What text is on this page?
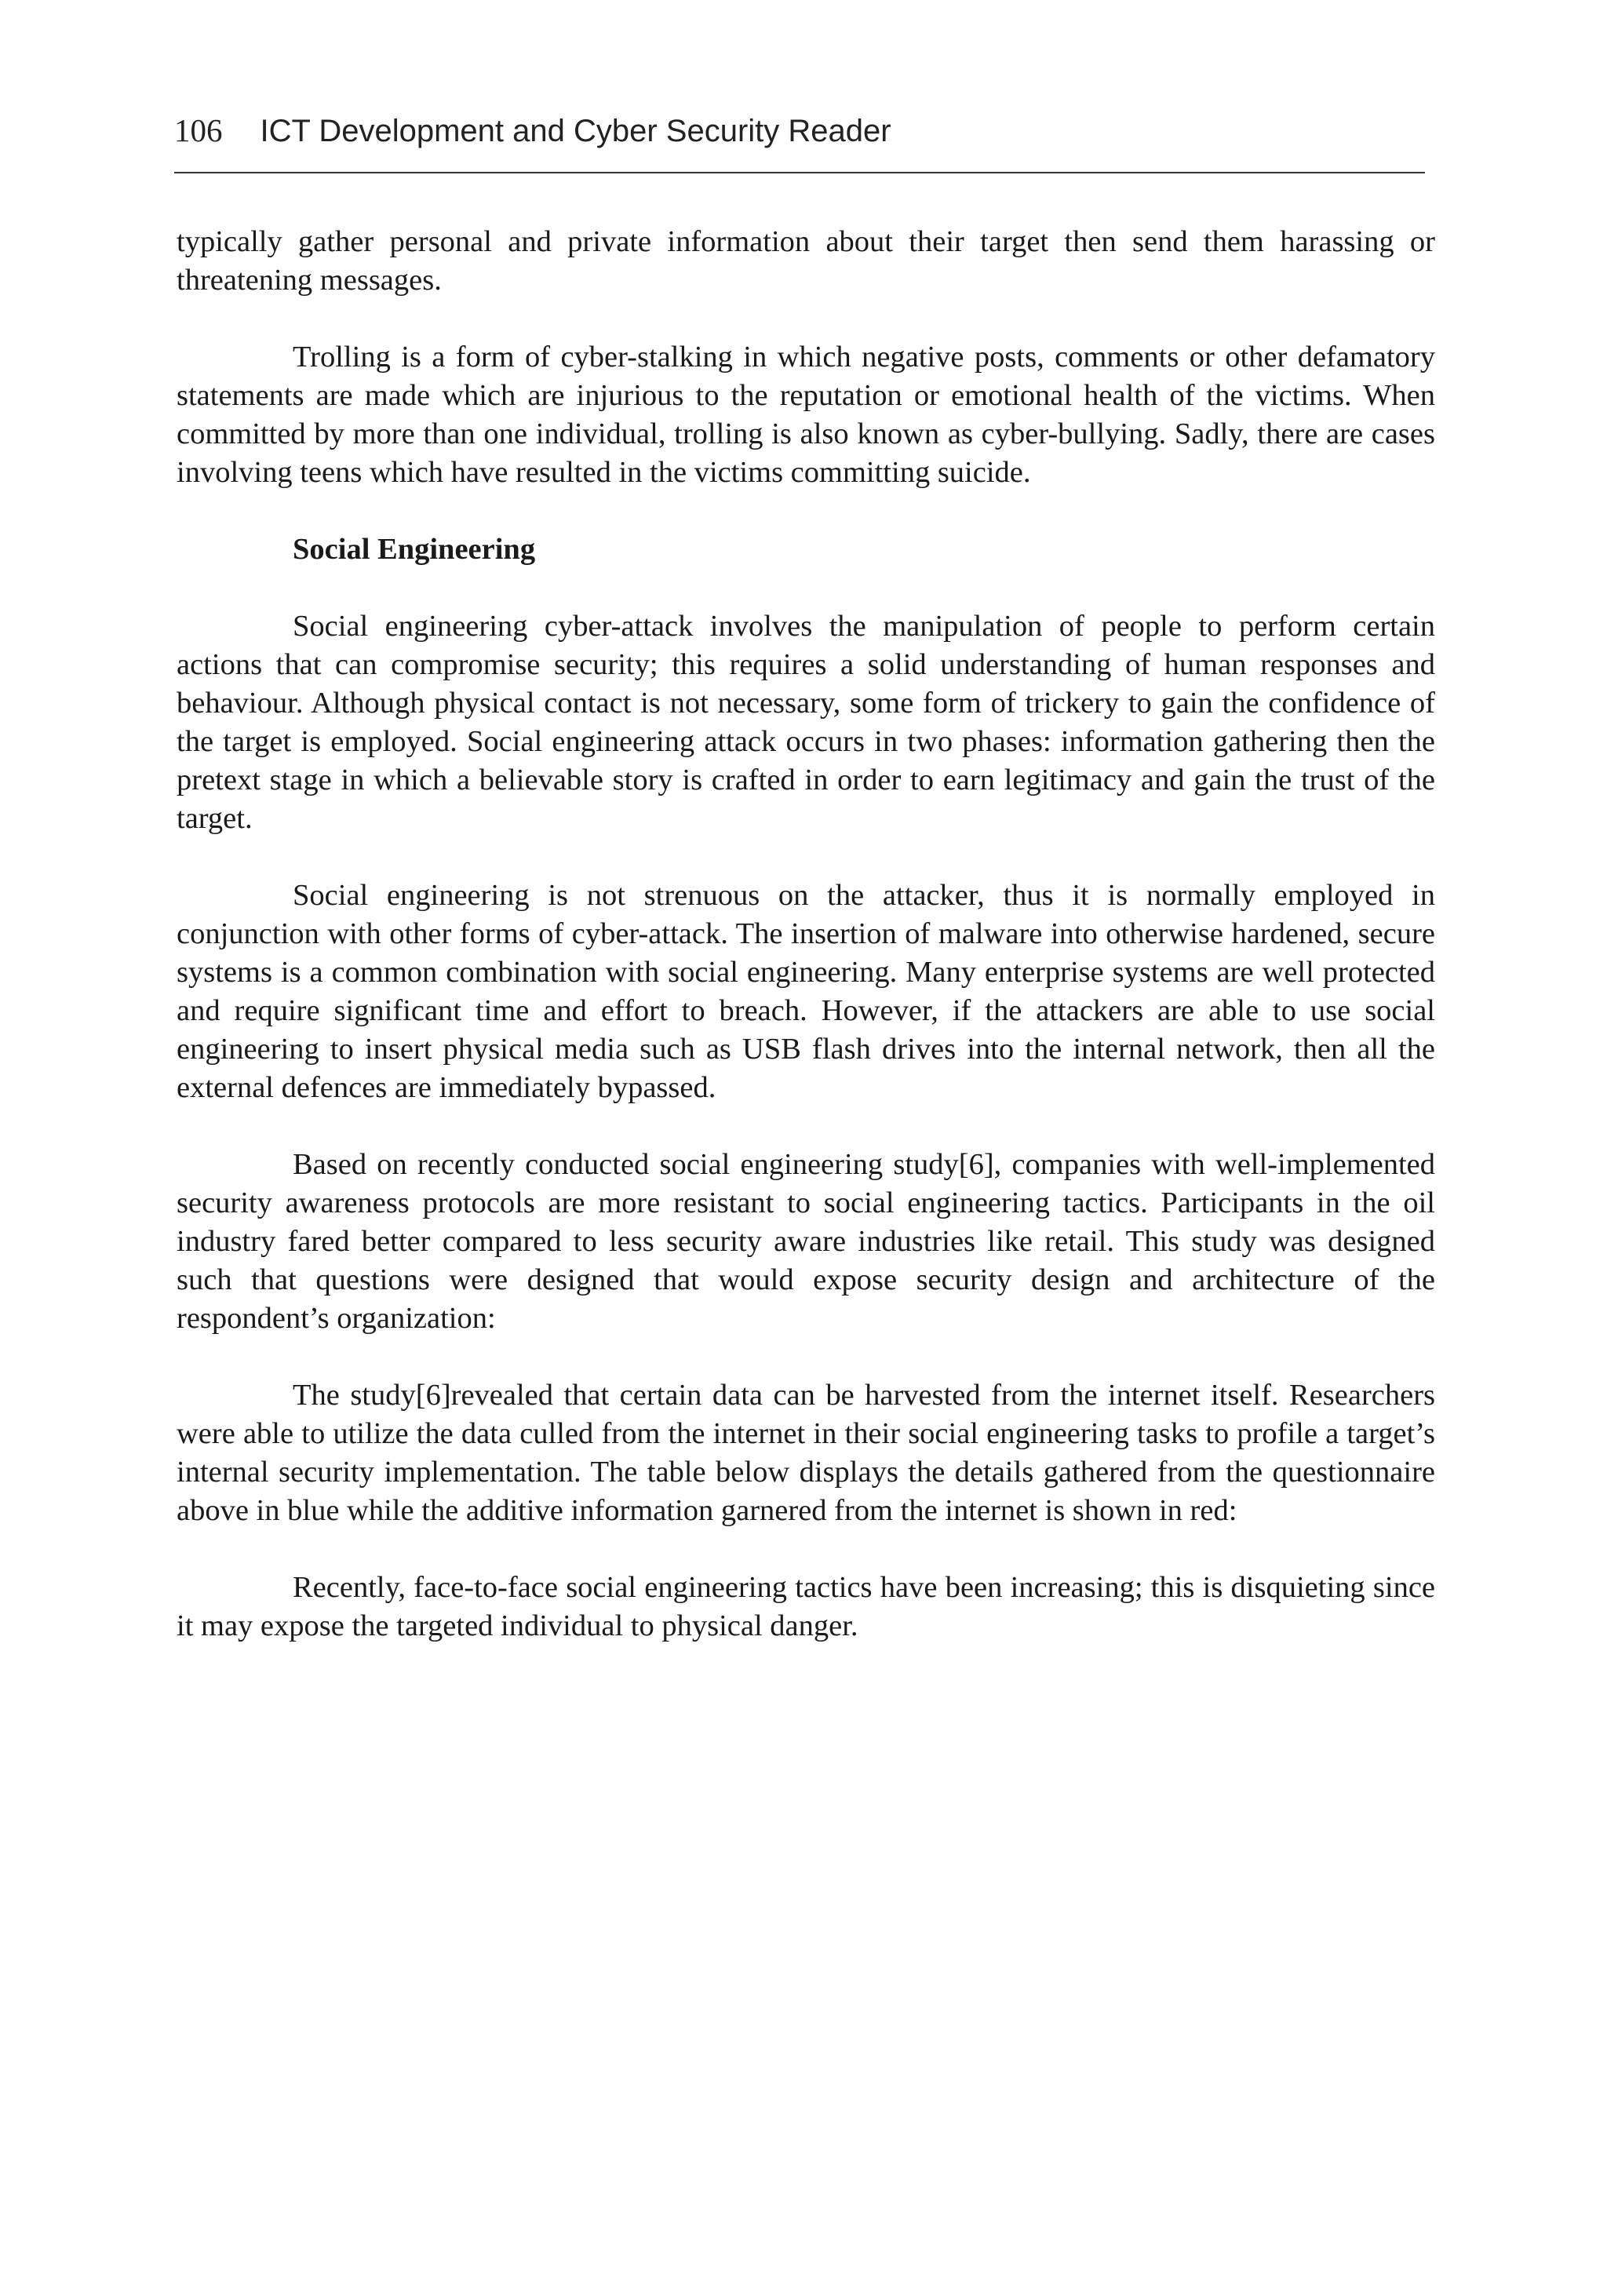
106 ICT Development and Cyber Security Reader

typically gather personal and private information about their target then send them harassing or threatening messages.

Trolling is a form of cyber-stalking in which negative posts, comments or other defamatory statements are made which are injurious to the reputation or emotional health of the victims. When committed by more than one individual, trolling is also known as cyber-bullying. Sadly, there are cases involving teens which have resulted in the victims committing suicide.

Social Engineering

Social engineering cyber-attack involves the manipulation of people to perform certain actions that can compromise security; this requires a solid understanding of human responses and behaviour. Although physical contact is not necessary, some form of trickery to gain the confidence of the target is employed. Social engineering attack occurs in two phases: information gathering then the pretext stage in which a believable story is crafted in order to earn legitimacy and gain the trust of the target.

Social engineering is not strenuous on the attacker, thus it is normally employed in conjunction with other forms of cyber-attack. The insertion of malware into otherwise hardened, secure systems is a common combination with social engineering. Many enterprise systems are well protected and require significant time and effort to breach. However, if the attackers are able to use social engineering to insert physical media such as USB flash drives into the internal network, then all the external defences are immediately bypassed.

Based on recently conducted social engineering study[6], companies with well-implemented security awareness protocols are more resistant to social engineering tactics. Participants in the oil industry fared better compared to less security aware industries like retail. This study was designed such that questions were designed that would expose security design and architecture of the respondent’s organization:

The study[6]revealed that certain data can be harvested from the internet itself. Researchers were able to utilize the data culled from the internet in their social engineering tasks to profile a target’s internal security implementation. The table below displays the details gathered from the questionnaire above in blue while the additive information garnered from the internet is shown in red:

Recently, face-to-face social engineering tactics have been increasing; this is disquieting since it may expose the targeted individual to physical danger.
